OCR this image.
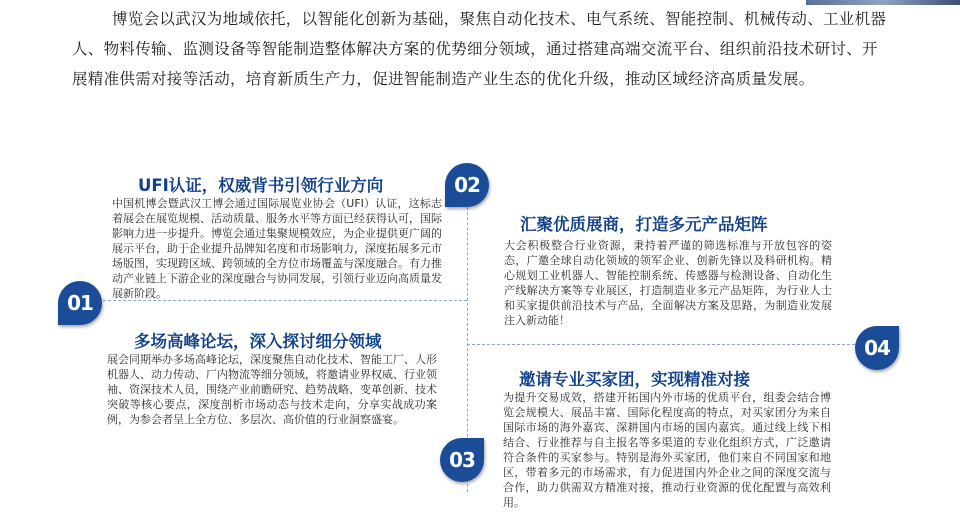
博览会以武汉为地域依托，以智能化创新为基础，聚焦自动化技术、电气系统、智能控制、机械传动、工业机器人、物料传输、监测设备等智能制造整体解决方案的优势细分领域，通过搭建高端交流平台、组织前沿技术研讨、开展精准供需对接等活动，培育新质生产力，促进智能制造产业生态的优化升级，推动区域经济高质量发展。
01
02
03
04
UFI认证，权威背书引领行业方向
中国机博会暨武汉工博会通过国际展览业协会（UFI）认证，这标志着展会在展览规模、活动质量、服务水平等方面已经获得认可，国际影响力进一步提升。博览会通过集聚规模效应，为企业提供更广阔的展示平台，助于企业提升品牌知名度和市场影响力，深度拓展多元市场版图，实现跨区域、跨领域的全方位市场覆盖与深度融合。有力推动产业链上下游企业的深度融合与协同发展，引领行业迈向高质量发展新阶段。
汇聚优质展商，打造多元产品矩阵
大会积极整合行业资源，秉持着严谨的筛选标准与开放包容的姿态，广邀全球自动化领域的领军企业、创新先锋以及科研机构。精心规划工业机器人、智能控制系统、传感器与检测设备、自动化生产线解决方案等专业展区，打造制造业多元产品矩阵，为行业人士和买家提供前沿技术与产品，全面解决方案及思路，为制造业发展注入新动能！
多场高峰论坛，深入探讨细分领域
展会同期举办多场高峰论坛，深度聚焦自动化技术、智能工厂、人形机器人、动力传动、厂内物流等细分领域，将邀请业界权威、行业领袖、资深技术人员，围绕产业前瞻研究、趋势战略、变革创新、技术突破等核心要点，深度剖析市场动态与技术走向，分享实战成功案例，为参会者呈上全方位、多层次、高价值的行业洞察盛宴。
邀请专业买家团，实现精准对接
为提升交易成效，搭建开拓国内外市场的优质平台，组委会结合博览会规模大、展品丰富、国际化程度高的特点，对买家团分为来自国际市场的海外嘉宾、深耕国内市场的国内嘉宾。通过线上线下相结合、行业推荐与自主报名等多渠道的专业化组织方式，广泛邀请符合条件的买家参与。特别是海外买家团，他们来自不同国家和地区，带着多元的市场需求，有力促进国内外企业之间的深度交流与合作，助力供需双方精准对接，推动行业资源的优化配置与高效利用。
